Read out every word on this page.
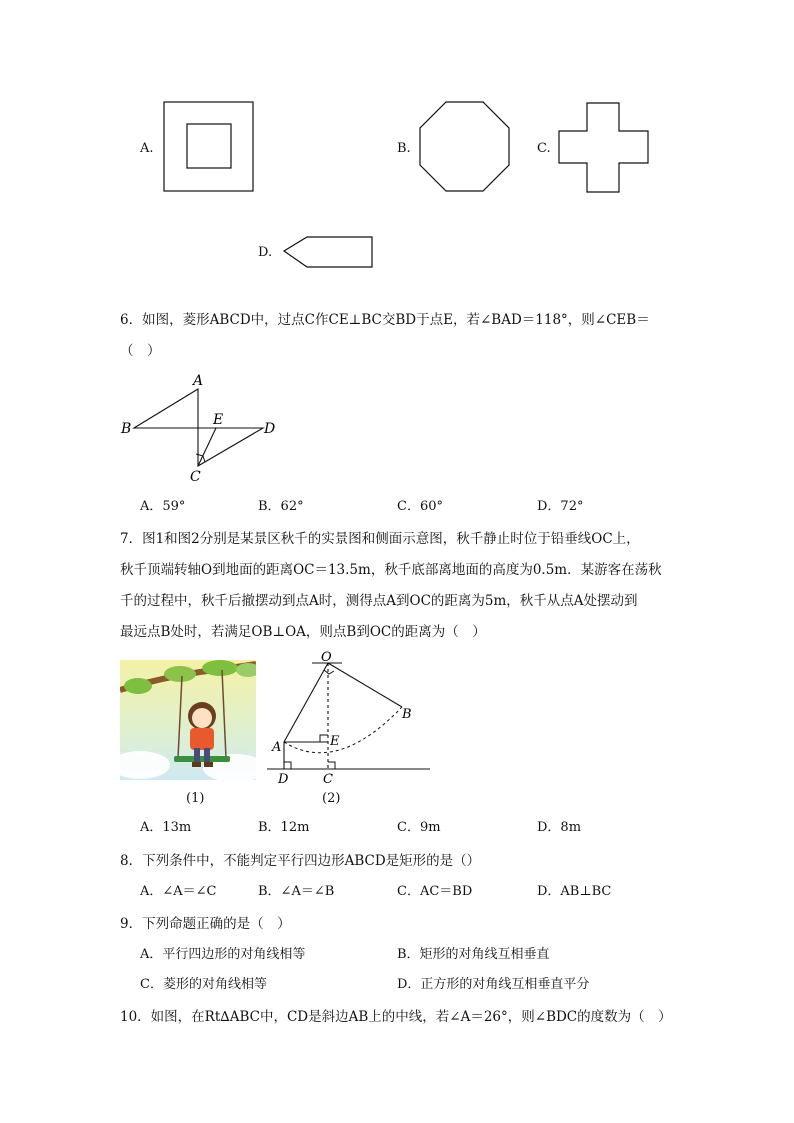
A.	B.	C.
D.
6．如图，菱形ABCD中，过点C作CE⊥BC交BD于点E，若∠BAD＝118°，则∠CEB＝
（　）
A
B	D
E
C
A．59°	B．62°	C．60°	D．72°
7．图1和图2分别是某景区秋千的实景图和侧面示意图，秋千静止时位于铅垂线OC上，
秋千顶端转轴O到地面的距离OC＝13.5m，秋千底部离地面的高度为0.5m．某游客在荡秋
千的过程中，秋千后撤摆动到点A时，测得点A到OC的距离为5m，秋千从点A处摆动到
最远点B处时，若满足OB⊥OA，则点B到OC的距离为（　）
(1)
O
A
B
E
D	C
(2)
A．13m	B．12m	C．9m	D．8m
8．下列条件中，不能判定平行四边形ABCD是矩形的是（）
A．∠A＝∠C	B．∠A＝∠B	C．AC＝BD	D．AB⊥BC
9．下列命题正确的是（　）
A．平行四边形的对角线相等	B．矩形的对角线互相垂直
C．菱形的对角线相等	D．正方形的对角线互相垂直平分
10．如图，在Rt∆ABC中，CD是斜边AB上的中线，若∠A＝26°，则∠BDC的度数为（　）
